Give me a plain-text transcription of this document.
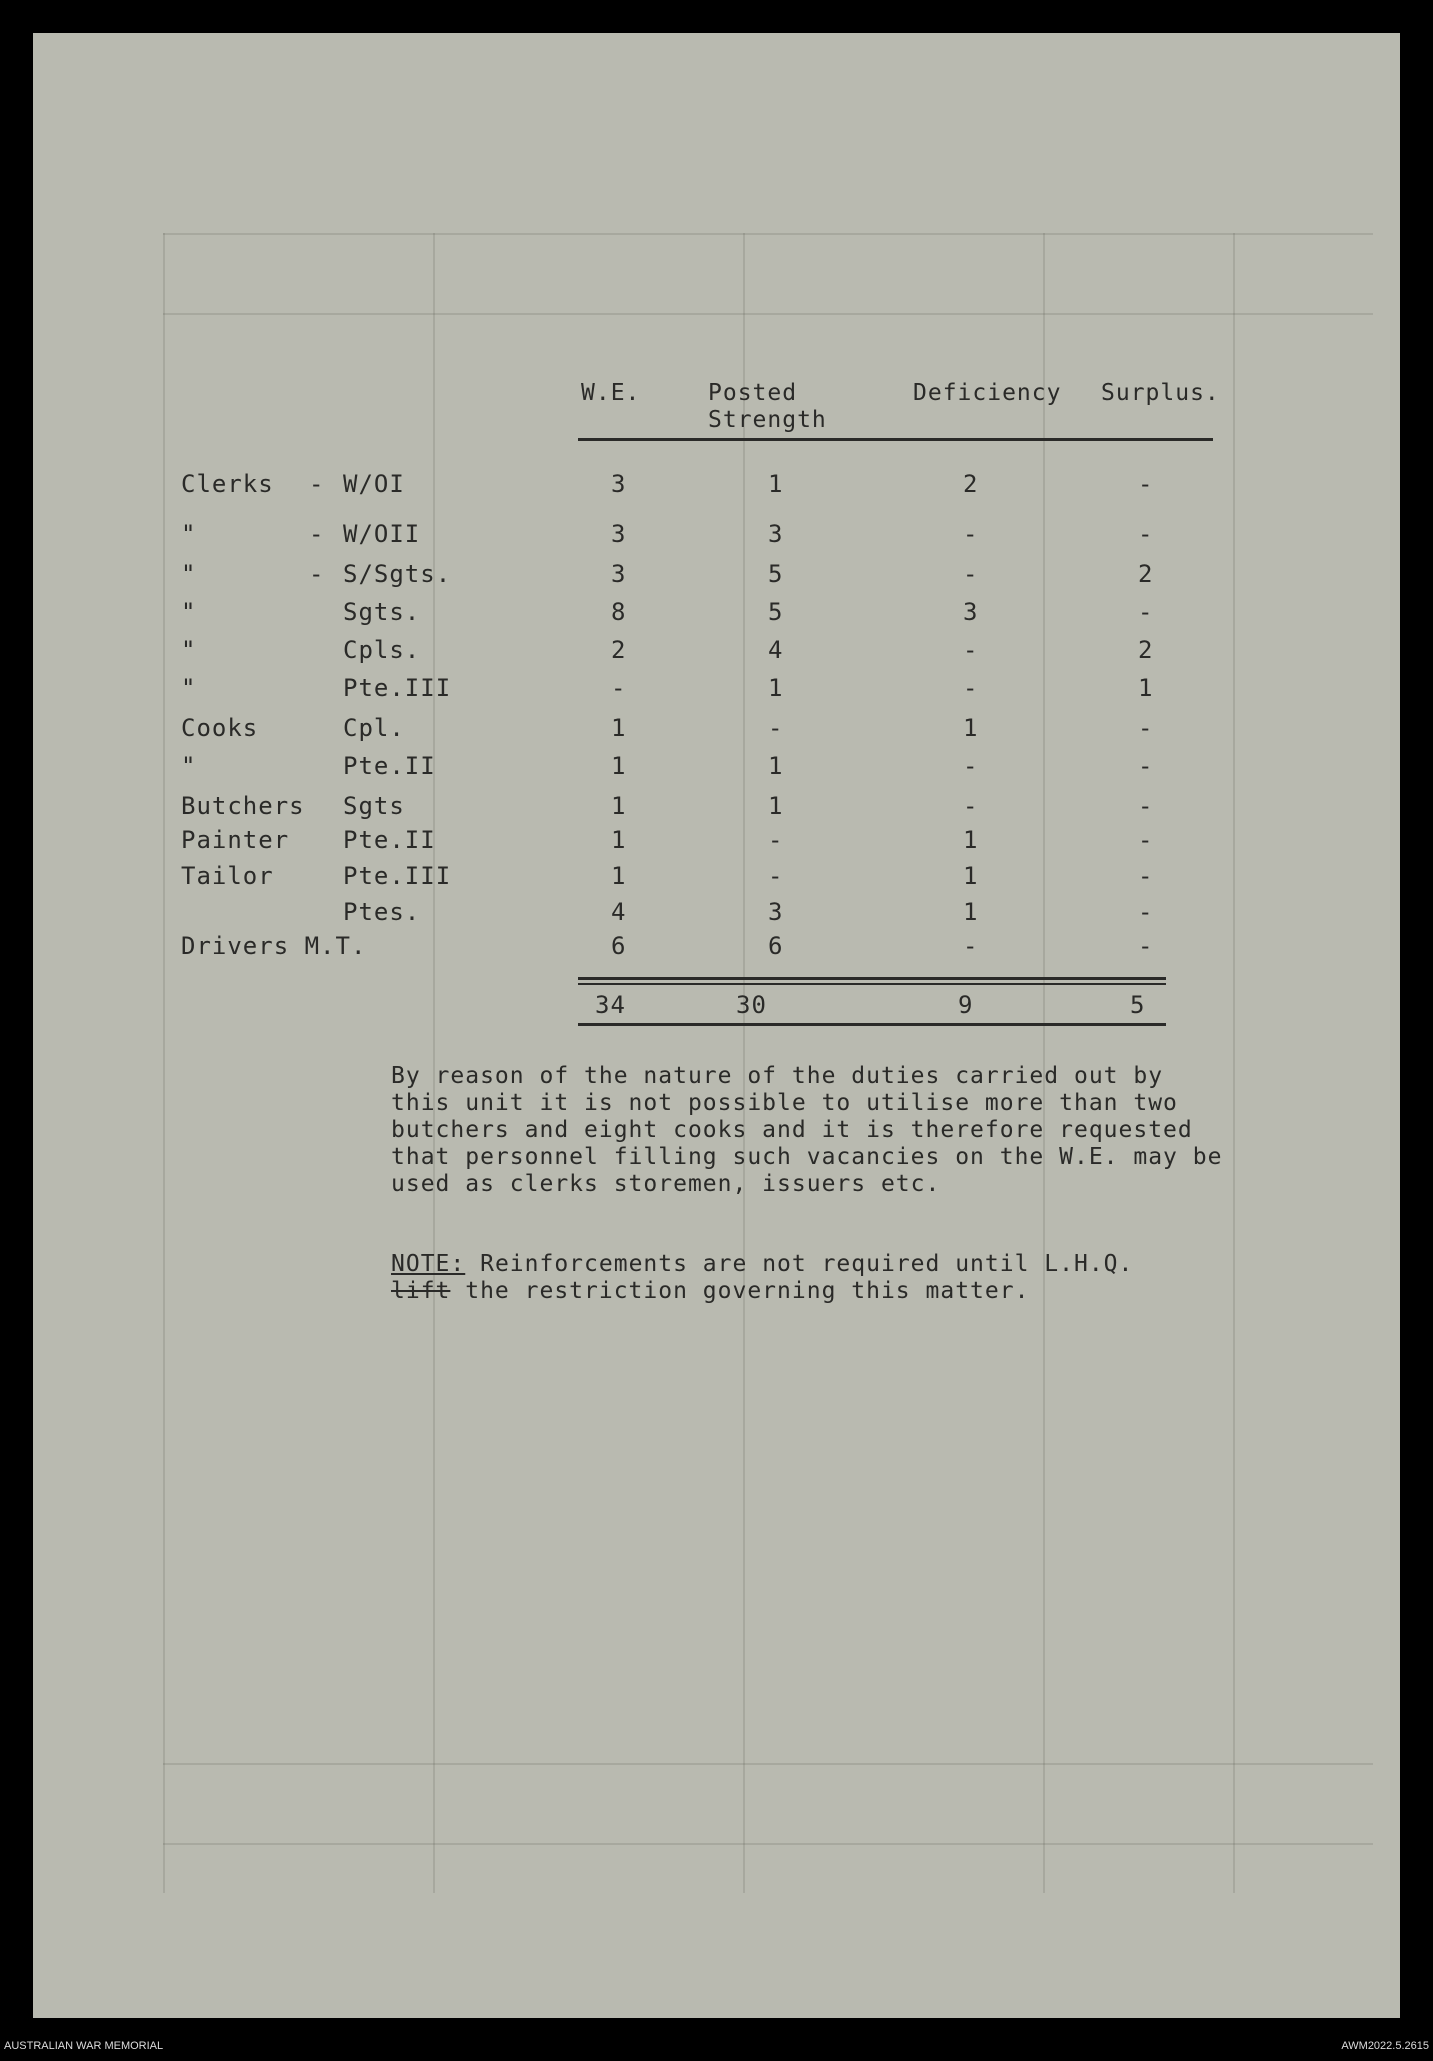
W.E.	Posted
Strength
Deficiency Surplus.
Clerks - W/OI	3	1	2	-
"	- W/OII	3	3	-	-
"	- S/Sgts.	3	5	-	2
"	Sgts.	8	5	3	-
"	Cpls.	2	4	-	2
"	Pte.III	-	1	-	1
Cooks	Cpl.	1	-	1	-
"	Pte.II	1	1	-	-
Butchers Sgts	1	1	-	-
Painter Pte.II	1	-	1	-
Tailor	Pte.III	1	-	1	-
Ptes.	4	3	1	-
Drivers M.T.	6	6	-	-
34	30	9	5
By reason of the nature of the duties carried out by
this unit it is not possible to utilise more than two
butchers and eight cooks and it is therefore requested
that personnel filling such vacancies on the W.E. may be
used as clerks storemen, issuers etc.
NOTE: Reinforcements are not required until L.H.Q.
lift the restriction governing this matter.
AUSTRALIAN WAR MEMORIAL	AWM2022.5.2615
